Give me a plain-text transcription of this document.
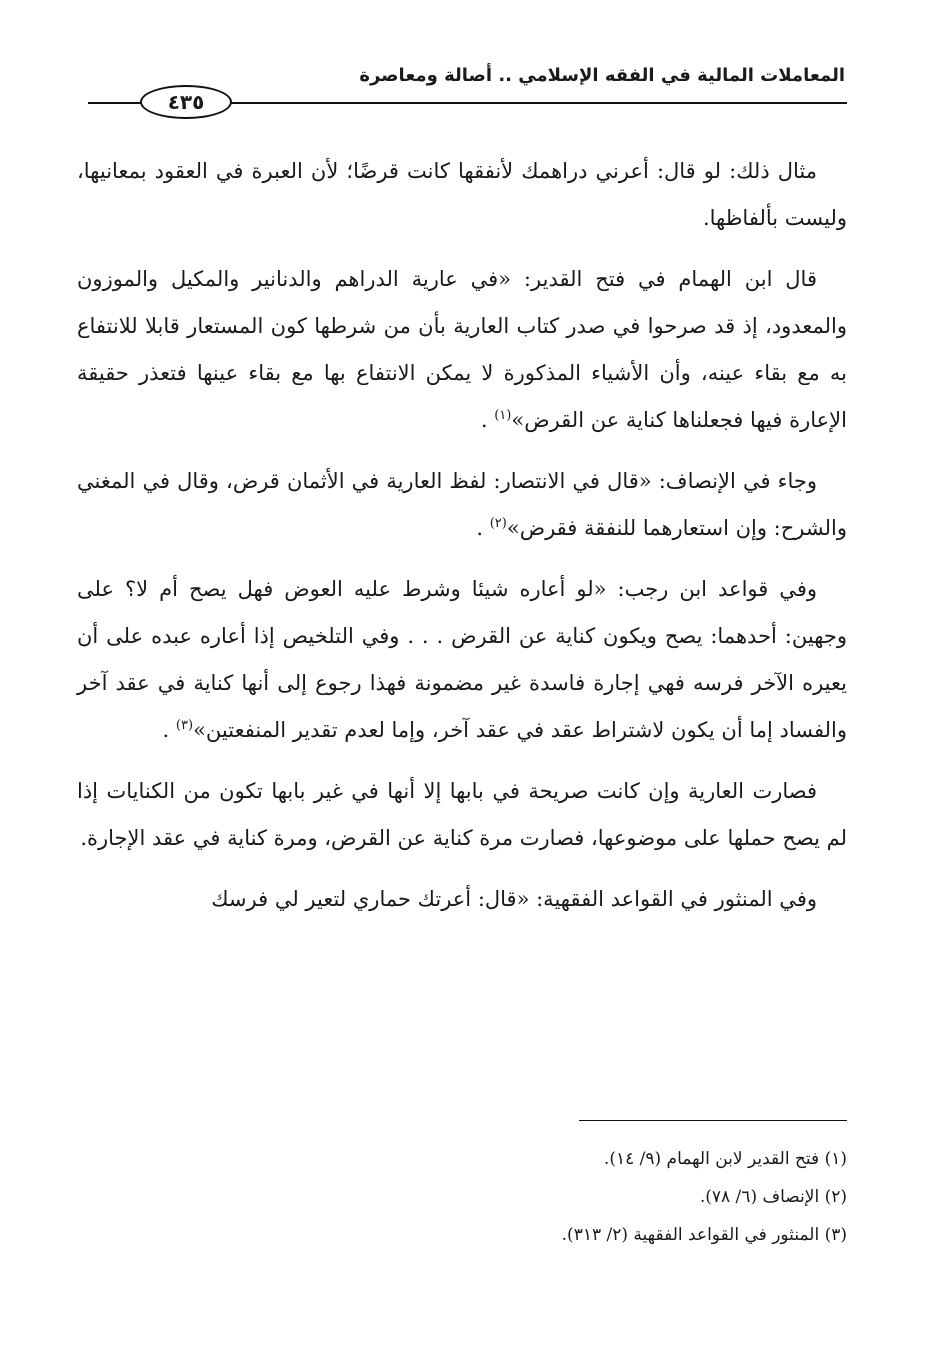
المعاملات المالية في الفقه الإسلامي .. أصالة ومعاصرة
٤٣٥

مثال ذلك: لو قال: أعرني دراهمك لأنفقها كانت قرضًا؛ لأن العبرة في العقود بمعانيها، وليست بألفاظها.

قال ابن الهمام في فتح القدير: «في عارية الدراهم والدنانير والمكيل والموزون والمعدود، إذ قد صرحوا في صدر كتاب العارية بأن من شرطها كون المستعار قابلا للانتفاع به مع بقاء عينه، وأن الأشياء المذكورة لا يمكن الانتفاع بها مع بقاء عينها فتعذر حقيقة الإعارة فيها فجعلناها كناية عن القرض»$^{(١)}$ .

وجاء في الإنصاف: «قال في الانتصار: لفظ العارية في الأثمان قرض، وقال في المغني والشرح: وإن استعارهما للنفقة فقرض»$^{(٢)}$ .

وفي قواعد ابن رجب: «لو أعاره شيئا وشرط عليه العوض فهل يصح أم لا؟ على وجهين: أحدهما: يصح ويكون كناية عن القرض . . . وفي التلخيص إذا أعاره عبده على أن يعيره الآخر فرسه فهي إجارة فاسدة غير مضمونة فهذا رجوع إلى أنها كناية في عقد آخر والفساد إما أن يكون لاشتراط عقد في عقد آخر، وإما لعدم تقدير المنفعتين»$^{(٣)}$ .

فصارت العارية وإن كانت صريحة في بابها إلا أنها في غير بابها تكون من الكنايات إذا لم يصح حملها على موضوعها، فصارت مرة كناية عن القرض، ومرة كناية في عقد الإجارة.

وفي المنثور في القواعد الفقهية: «قال: أعرتك حماري لتعير لي فرسك

(١) فتح القدير لابن الهمام (٩/ ١٤).

(٢) الإنصاف (٦/ ٧٨).

(٣) المنثور في القواعد الفقهية (٢/ ٣١٣).
